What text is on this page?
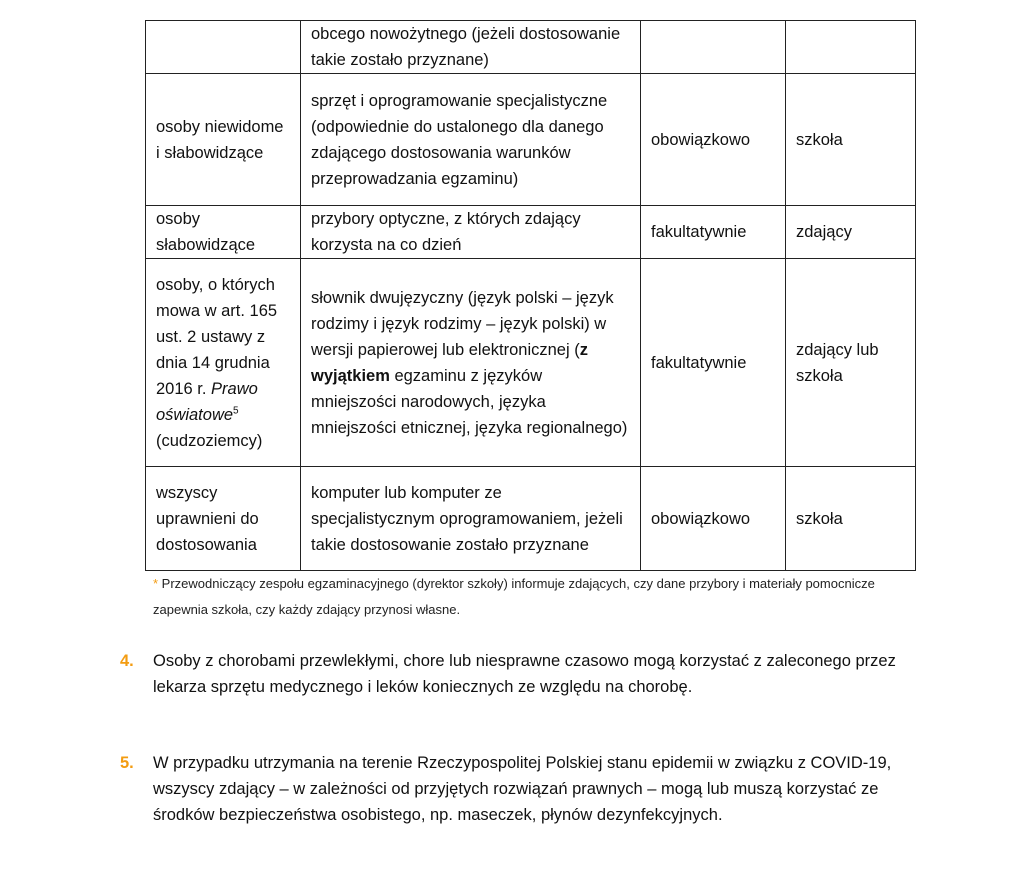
	obcego nowożytnego (jeżeli dostosowanie takie zostało przyznane)		
osoby niewidome i słabowidzące	sprzęt i oprogramowanie specjalistyczne (odpowiednie do ustalonego dla danego zdającego dostosowania warunków przeprowadzania egzaminu)	obowiązkowo	szkoła
osoby słabowidzące	przybory optyczne, z których zdający korzysta na co dzień	fakultatywnie	zdający
osoby, o których mowa w art. 165 ust. 2 ustawy z dnia 14 grudnia 2016 r. Prawo oświatowe$^5$ (cudzoziemcy)	słownik dwujęzyczny (język polski – język rodzimy i język rodzimy – język polski) w wersji papierowej lub elektronicznej (z wyjątkiem egzaminu z języków mniejszości narodowych, języka mniejszości etnicznej, języka regionalnego)	fakultatywnie	zdający lub szkoła
wszyscy uprawnieni do dostosowania	komputer lub komputer ze specjalistycznym oprogramowaniem, jeżeli takie dostosowanie zostało przyznane	obowiązkowo	szkoła
* Przewodniczący zespołu egzaminacyjnego (dyrektor szkoły) informuje zdających, czy dane przybory i materiały pomocnicze zapewnia szkoła, czy każdy zdający przynosi własne.
4. Osoby z chorobami przewlekłymi, chore lub niesprawne czasowo mogą korzystać z zaleconego przez lekarza sprzętu medycznego i leków koniecznych ze względu na chorobę.
5. W przypadku utrzymania na terenie Rzeczypospolitej Polskiej stanu epidemii w związku z COVID-19, wszyscy zdający – w zależności od przyjętych rozwiązań prawnych – mogą lub muszą korzystać ze środków bezpieczeństwa osobistego, np. maseczek, płynów dezynfekcyjnych.
